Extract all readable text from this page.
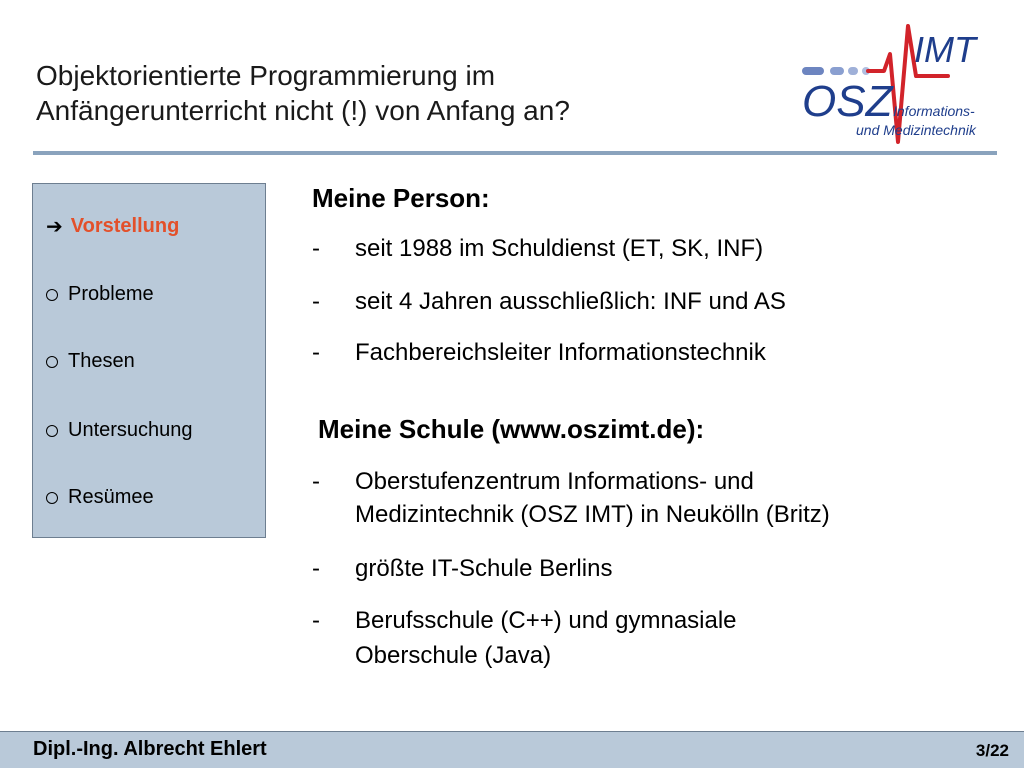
Objektorientierte Programmierung im
Anfängerunterricht nicht (!) von Anfang an?
IMT
OSZ Informations-
und Medizintechnik
➔ Vorstellung
Probleme
Thesen
Untersuchung
Resümee
Meine Person:
- seit 1988 im Schuldienst (ET, SK, INF)
- seit 4 Jahren ausschließlich: INF und AS
- Fachbereichsleiter Informationstechnik
Meine Schule (www.oszimt.de):
- Oberstufenzentrum Informations- und
Medizintechnik (OSZ IMT) in Neukölln (Britz)
- größte IT-Schule Berlins
- Berufsschule (C++) und gymnasiale
Oberschule (Java)
Dipl.-Ing. Albrecht Ehlert	3/22
